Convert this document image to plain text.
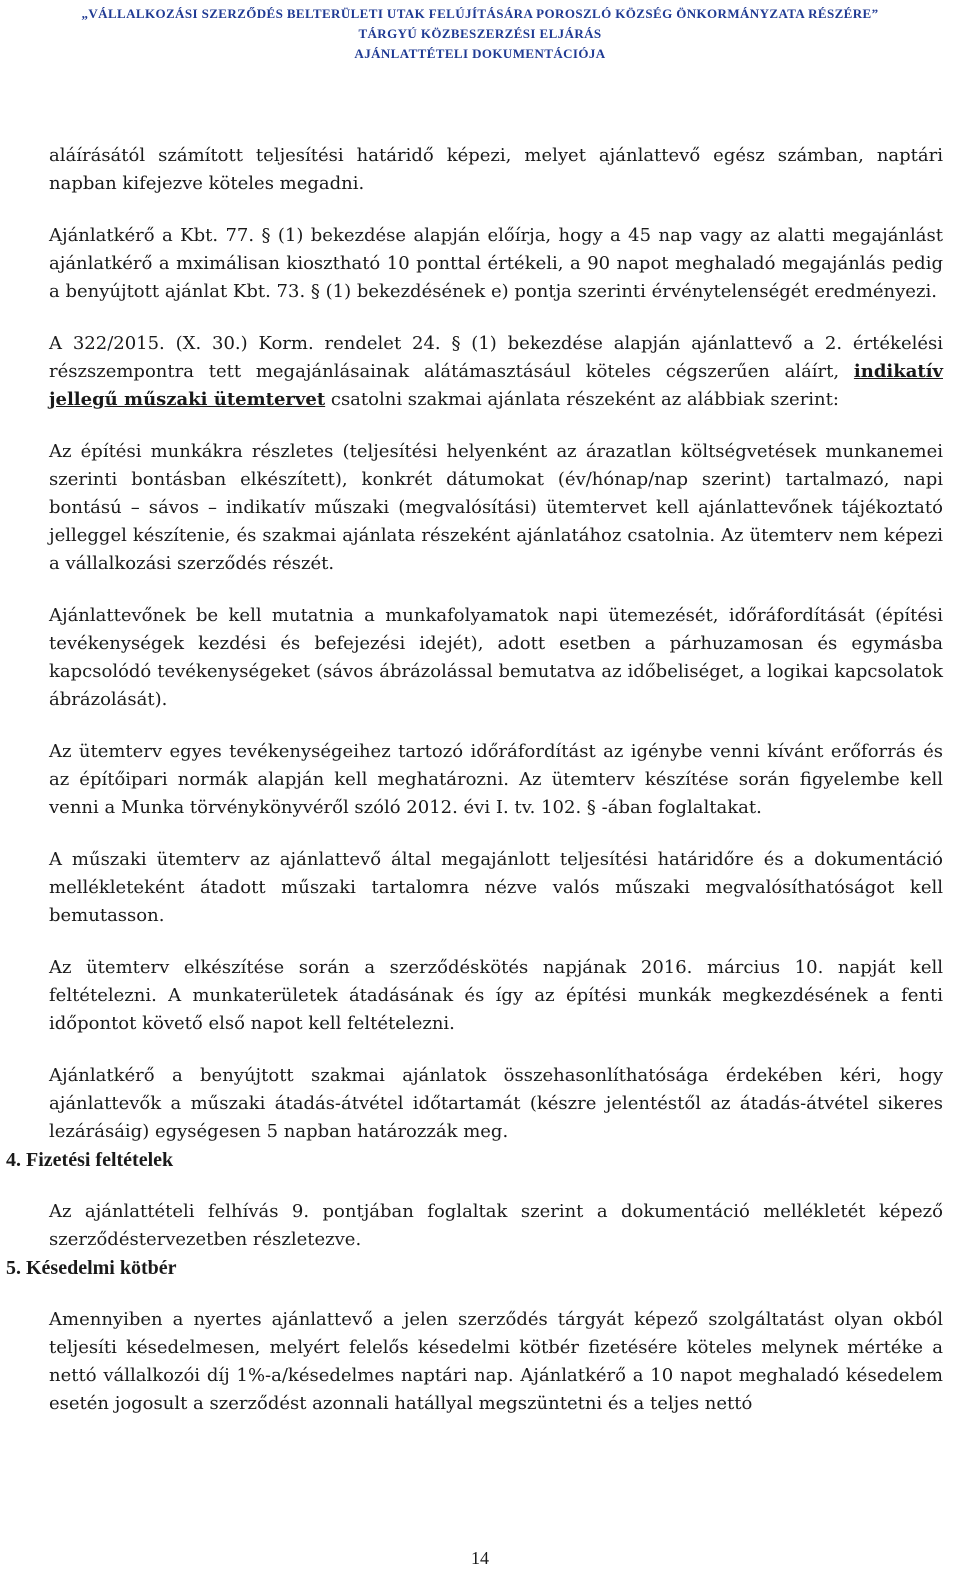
„VÁLLALKOZÁSI SZERZŐDÉS BELTERÜLETI UTAK FELÚJÍTÁSÁRA POROSZLÓ KÖZSÉG ÖNKORMÁNYZATA RÉSZÉRE”
TÁRGYÚ KÖZBESZERZÉSI ELJÁRÁS
AJÁNLATTÉTELI DOKUMENTÁCIÓJA

aláírásától számított teljesítési határidő képezi, melyet ajánlattevő egész számban, naptári napban kifejezve köteles megadni.

Ajánlatkérő a Kbt. 77. § (1) bekezdése alapján előírja, hogy a 45 nap vagy az alatti megajánlást ajánlatkérő a mximálisan kiosztható 10 ponttal értékeli, a 90 napot meghaladó megajánlás pedig a benyújtott ajánlat Kbt. 73. § (1) bekezdésének e) pontja szerinti érvénytelenségét eredményezi.

A 322/2015. (X. 30.) Korm. rendelet 24. § (1) bekezdése alapján ajánlattevő a 2. értékelési részszempontra tett megajánlásainak alátámasztásául köteles cégszerűen aláírt, indikatív jellegű műszaki ütemtervet csatolni szakmai ajánlata részeként az alábbiak szerint:

Az építési munkákra részletes (teljesítési helyenként az árazatlan költségvetések munkanemei szerinti bontásban elkészített), konkrét dátumokat (év/hónap/nap szerint) tartalmazó, napi bontású – sávos – indikatív műszaki (megvalósítási) ütemtervet kell ajánlattevőnek tájékoztató jelleggel készítenie, és szakmai ajánlata részeként ajánlatához csatolnia. Az ütemterv nem képezi a vállalkozási szerződés részét.

Ajánlattevőnek be kell mutatnia a munkafolyamatok napi ütemezését, időráfordítását (építési tevékenységek kezdési és befejezési idejét), adott esetben a párhuzamosan és egymásba kapcsolódó tevékenységeket (sávos ábrázolással bemutatva az időbeliséget, a logikai kapcsolatok ábrázolását).

Az ütemterv egyes tevékenységeihez tartozó időráfordítást az igénybe venni kívánt erőforrás és az építőipari normák alapján kell meghatározni. Az ütemterv készítése során figyelembe kell venni a Munka törvénykönyvéről szóló 2012. évi I. tv. 102. § -ában foglaltakat.

A műszaki ütemterv az ajánlattevő által megajánlott teljesítési határidőre és a dokumentáció mellékleteként átadott műszaki tartalomra nézve valós műszaki megvalósíthatóságot kell bemutasson.

Az ütemterv elkészítése során a szerződéskötés napjának 2016. március 10. napját kell feltételezni. A munkaterületek átadásának és így az építési munkák megkezdésének a fenti időpontot követő első napot kell feltételezni.

Ajánlatkérő a benyújtott szakmai ajánlatok összehasonlíthatósága érdekében kéri, hogy ajánlattevők a műszaki átadás-átvétel időtartamát (készre jelentéstől az átadás-átvétel sikeres lezárásáig) egységesen 5 napban határozzák meg.

4. Fizetési feltételek

Az ajánlattételi felhívás 9. pontjában foglaltak szerint a dokumentáció mellékletét képező szerződéstervezetben részletezve.

5. Késedelmi kötbér

Amennyiben a nyertes ajánlattevő a jelen szerződés tárgyát képező szolgáltatást olyan okból teljesíti késedelmesen, melyért felelős késedelmi kötbér fizetésére köteles melynek mértéke a nettó vállalkozói díj 1%-a/késedelmes naptári nap. Ajánlatkérő a 10 napot meghaladó késedelem esetén jogosult a szerződést azonnali hatállyal megszüntetni és a teljes nettó

14
